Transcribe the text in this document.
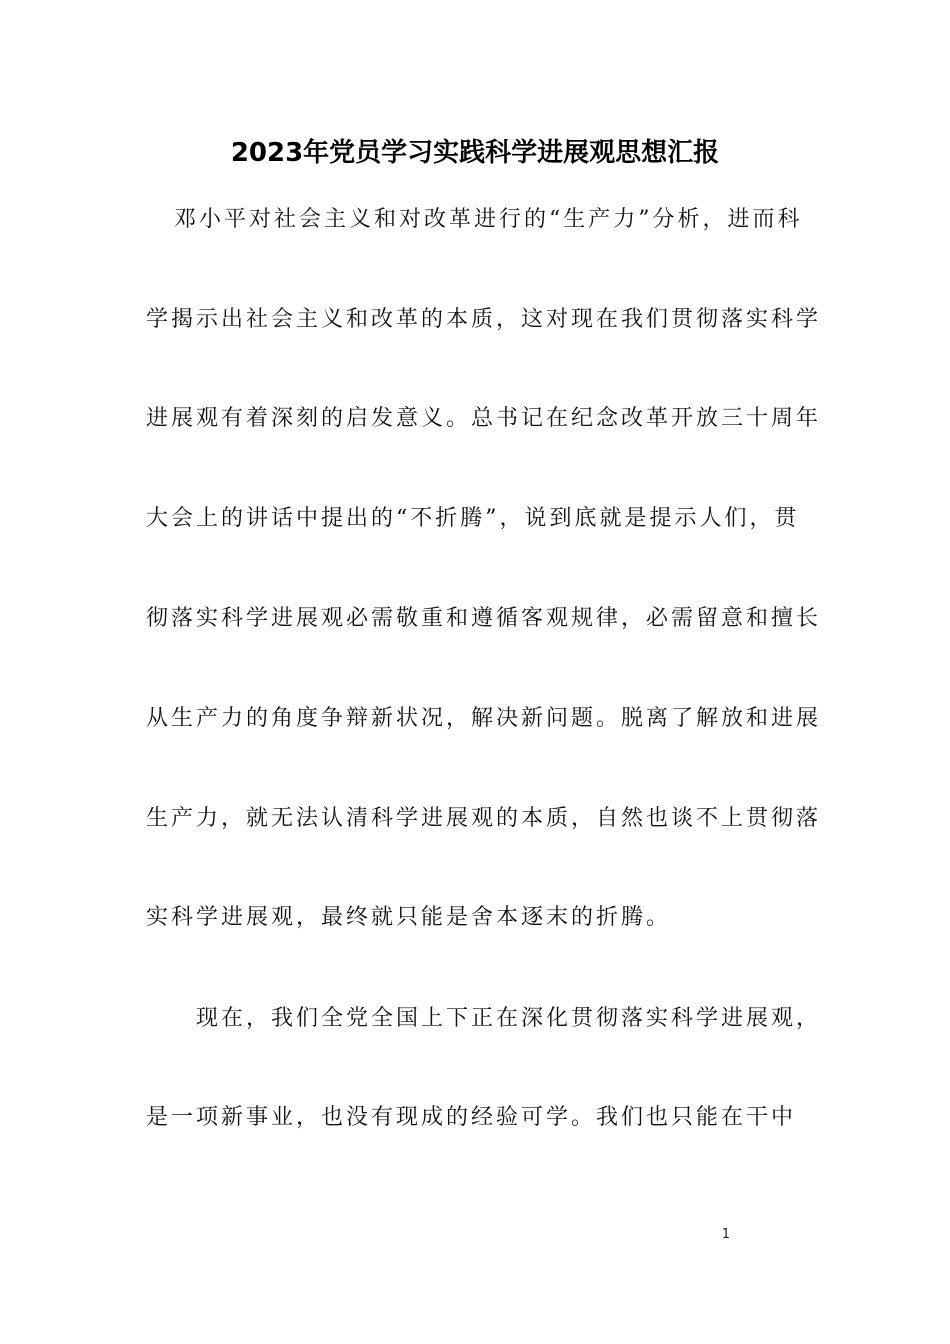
2023年党员学习实践科学进展观思想汇报
邓小平对社会主义和对改革进行的“生产力”分析，进而科
学揭示出社会主义和改革的本质，这对现在我们贯彻落实科学
进展观有着深刻的启发意义。总书记在纪念改革开放三十周年
大会上的讲话中提出的“不折腾”，说到底就是提示人们，贯
彻落实科学进展观必需敬重和遵循客观规律，必需留意和擅长
从生产力的角度争辩新状况，解决新问题。脱离了解放和进展
生产力，就无法认清科学进展观的本质，自然也谈不上贯彻落
实科学进展观，最终就只能是舍本逐末的折腾。
现在，我们全党全国上下正在深化贯彻落实科学进展观，
是一项新事业，也没有现成的经验可学。我们也只能在干中
1
